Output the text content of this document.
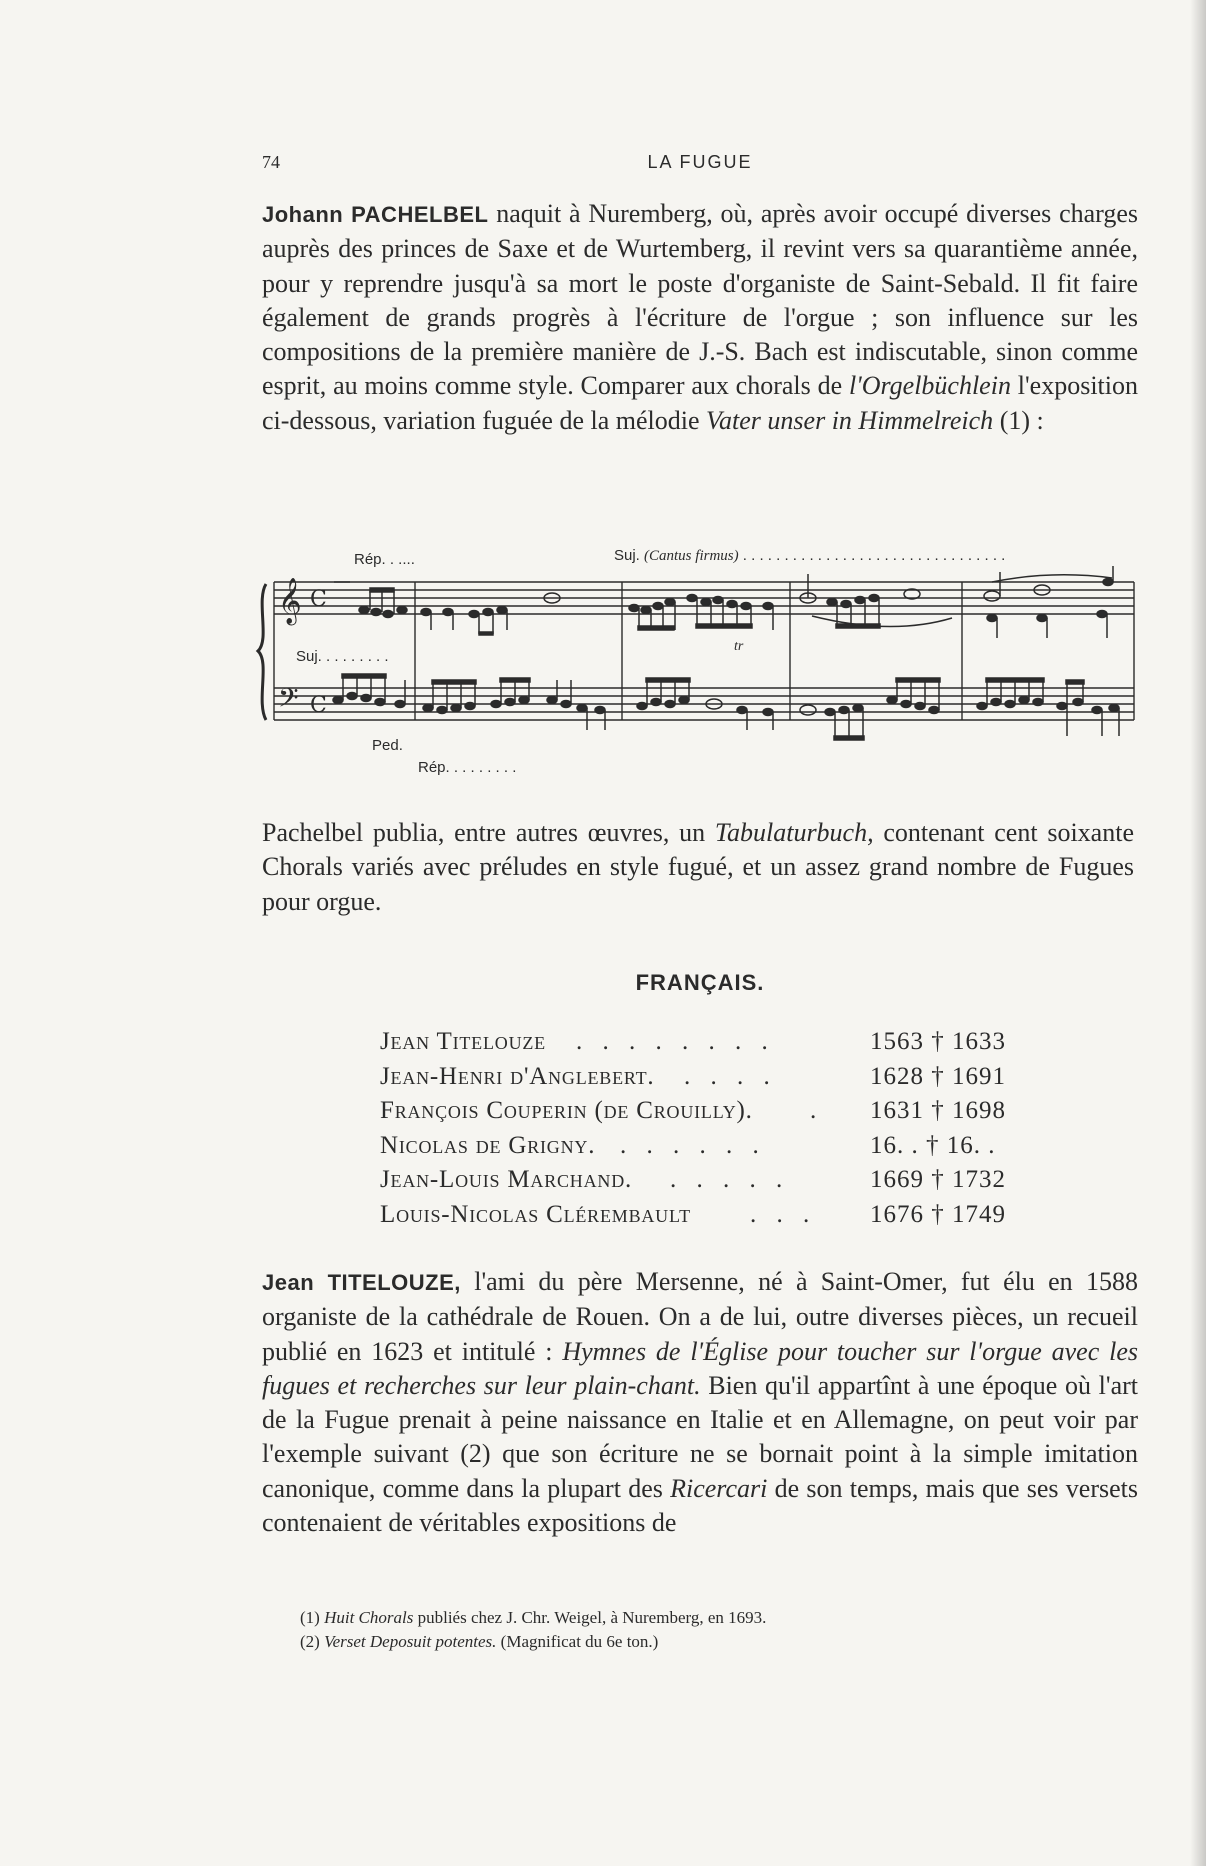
74	LA FUGUE

Johann PACHELBEL naquit à Nuremberg, où, après avoir occupé diverses charges auprès des princes de Saxe et de Wurtemberg, il revint vers sa quarantième année, pour y reprendre jusqu'à sa mort le poste d'organiste de Saint-Sebald. Il fit faire également de grands progrès à l'écriture de l'orgue ; son influence sur les compositions de la première manière de J.-S. Bach est indiscutable, sinon comme esprit, au moins comme style. Comparer aux chorals de l'Orgelbüchlein l'exposition ci-dessous, variation fuguée de la mélodie Vater unser in Himmelreich (1) :

𝄞 C
𝄢 C
Rép. . ....	Suj. (Cantus firmus) . . . . . . . . . . . . . . . . . . . . . . . . . . . . . . . .
Suj. . . . . . . . .
Ped.
Rép. . . . . . . . .
tr

Pachelbel publia, entre autres œuvres, un Tabulaturbuch, contenant cent soixante Chorals variés avec préludes en style fugué, et un assez grand nombre de Fugues pour orgue.

FRANÇAIS.
Jean Titelouze . . . . . . . .	1563 † 1633
Jean-Henri d'Anglebert. . . . .	1628 † 1691
François Couperin (de Crouilly). . 1631 † 1698
Nicolas de Grigny. . . . . . .	16. . † 16. .
Jean-Louis Marchand. . . . . .	1669 † 1732
Louis-Nicolas Clérembault . . . 1676 † 1749

Jean TITELOUZE, l'ami du père Mersenne, né à Saint-Omer, fut élu en 1588 organiste de la cathédrale de Rouen. On a de lui, outre diverses pièces, un recueil publié en 1623 et intitulé : Hymnes de l'Église pour toucher sur l'orgue avec les fugues et recherches sur leur plain-chant. Bien qu'il appartînt à une époque où l'art de la Fugue prenait à peine naissance en Italie et en Allemagne, on peut voir par l'exemple suivant (2) que son écriture ne se bornait point à la simple imitation canonique, comme dans la plupart des Ricercari de son temps, mais que ses versets contenaient de véritables expositions de

(1) Huit Chorals publiés chez J. Chr. Weigel, à Nuremberg, en 1693.
(2) Verset Deposuit potentes. (Magnificat du 6e ton.)
